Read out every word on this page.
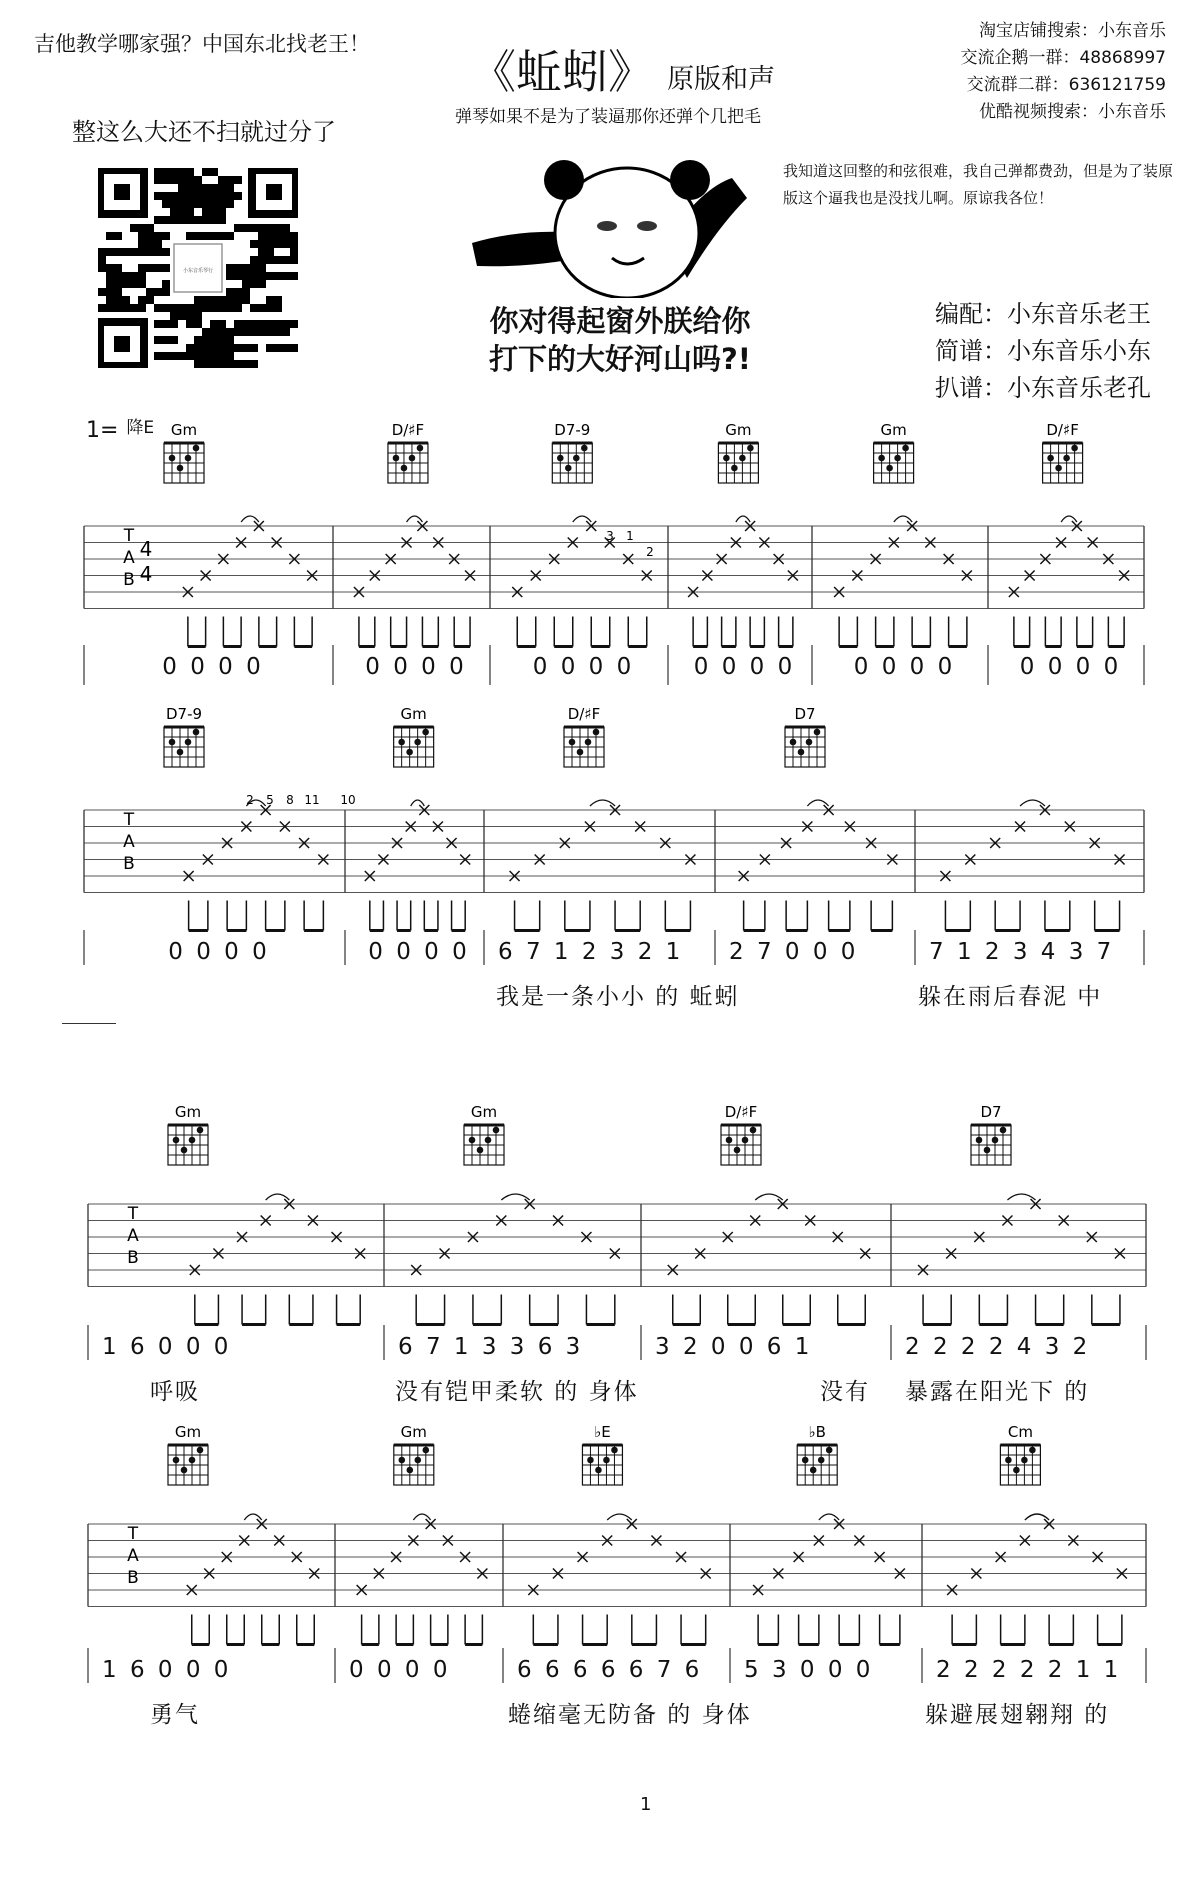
吉他教学哪家强？中国东北找老王！
整这么大还不扫就过分了
《蚯蚓》 原版和声
弹琴如果不是为了装逼那你还弹个几把毛
淘宝店铺搜索：小东音乐
交流企鹅一群：48868997
交流群二群：636121759
优酷视频搜索：小东音乐
我知道这回整的和弦很难，我自己弹都费劲，但是为了装原版这个逼我也是没找儿啊。原谅我各位！
小东音乐琴行
你对得起窗外朕给你
打下的大好河山吗?!
编配：小东音乐老王
简谱：小东音乐小东
扒谱：小东音乐老孔
1= 降E
T
A
B
4
4
Gm	D/♯F	D7-9	Gm	Gm	D/♯F
3 1
2
T
A
B
D7-9	Gm	D/♯F	D7
2 5 8 11 10
T
A
B
Gm	Gm	D/♯F	D7
T
A
B
Gm	Gm	♭E	♭B	Cm
0 0 0 0	0 0 0 0	0 0 0 0	0 0 0 0	0 0 0 0	0 0 0 0
0 0 0 0	0 0 0 0	6 7 1 2 3 2 1	2 7 0 0 0	7 1 2 3 4 3 7
我是一条小小 的 蚯蚓	躲在雨后春泥 中
1 6 0 0 0	6 7 1 3 3 6 3	3 2 0 0 6 1	2 2 2 2 4 3 2
呼吸	没有铠甲柔软 的 身体	没有 暴露在阳光下 的
1 6 0 0 0	0 0 0 0	6 6 6 6 6 7 6	5 3 0 0 0	2 2 2 2 2 1 1
勇气	蜷缩毫无防备 的 身体	躲避展翅翱翔 的
1
